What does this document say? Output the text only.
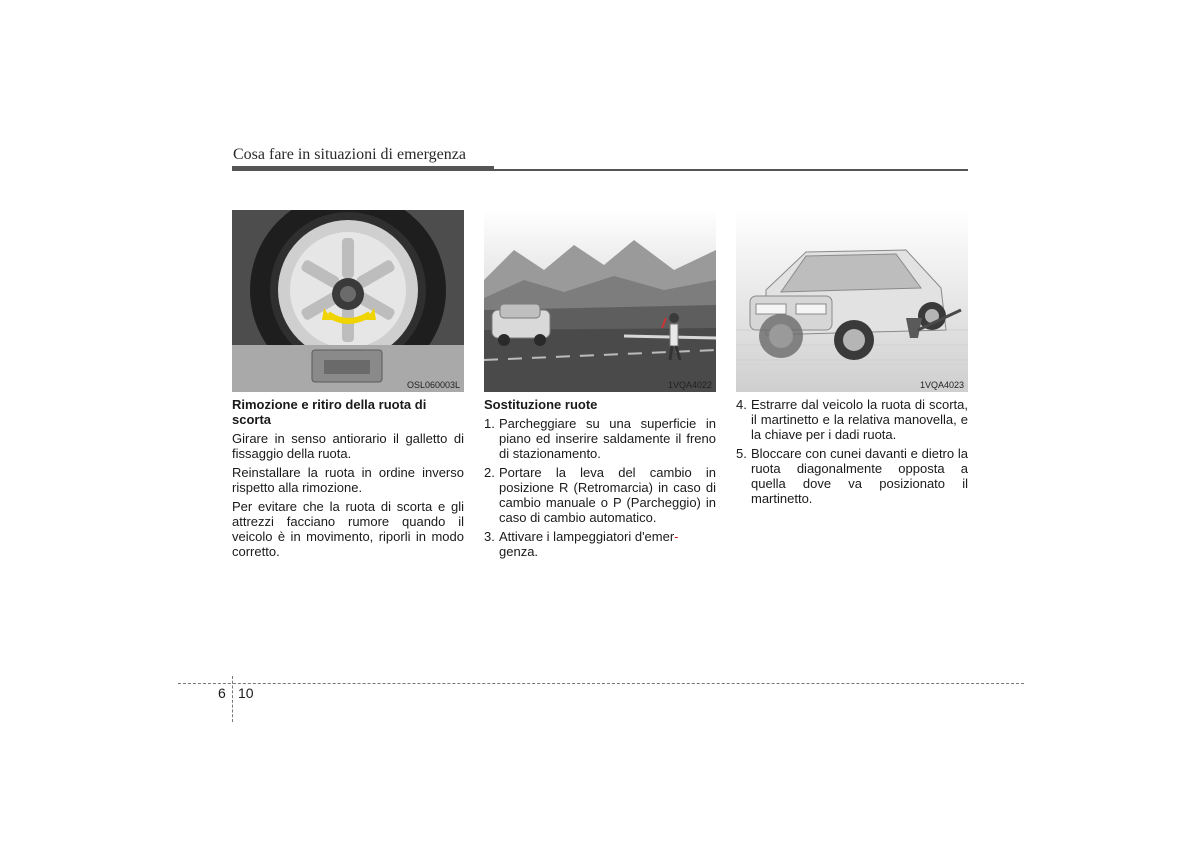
Cosa fare in situazioni di emergenza
OSL060003L	1VQA4022	1VQA4023
Rimozione e ritiro della ruota di scorta

Girare in senso antiorario il galletto di fissaggio della ruota.

Reinstallare la ruota in ordine inverso rispetto alla rimozione.

Per evitare che la ruota di scorta e gli attrezzi facciano rumore quando il veicolo è in movimento, riporli in modo corretto.

Sostituzione ruote
1. Parcheggiare su una superficie in piano ed inserire saldamente il freno di stazionamento.
2. Portare la leva del cambio in posizione R (Retromarcia) in caso di cambio manuale o P (Parcheggio) in caso di cambio automatico.
3. Attivare i lampeggiatori d'emer-
genza.
4. Estrarre dal veicolo la ruota di scorta, il martinetto e la relativa manovella, e la chiave per i dadi ruota.
5. Bloccare con cunei davanti e dietro la ruota diagonalmente opposta a quella dove va posizionato il martinetto.
6 10
